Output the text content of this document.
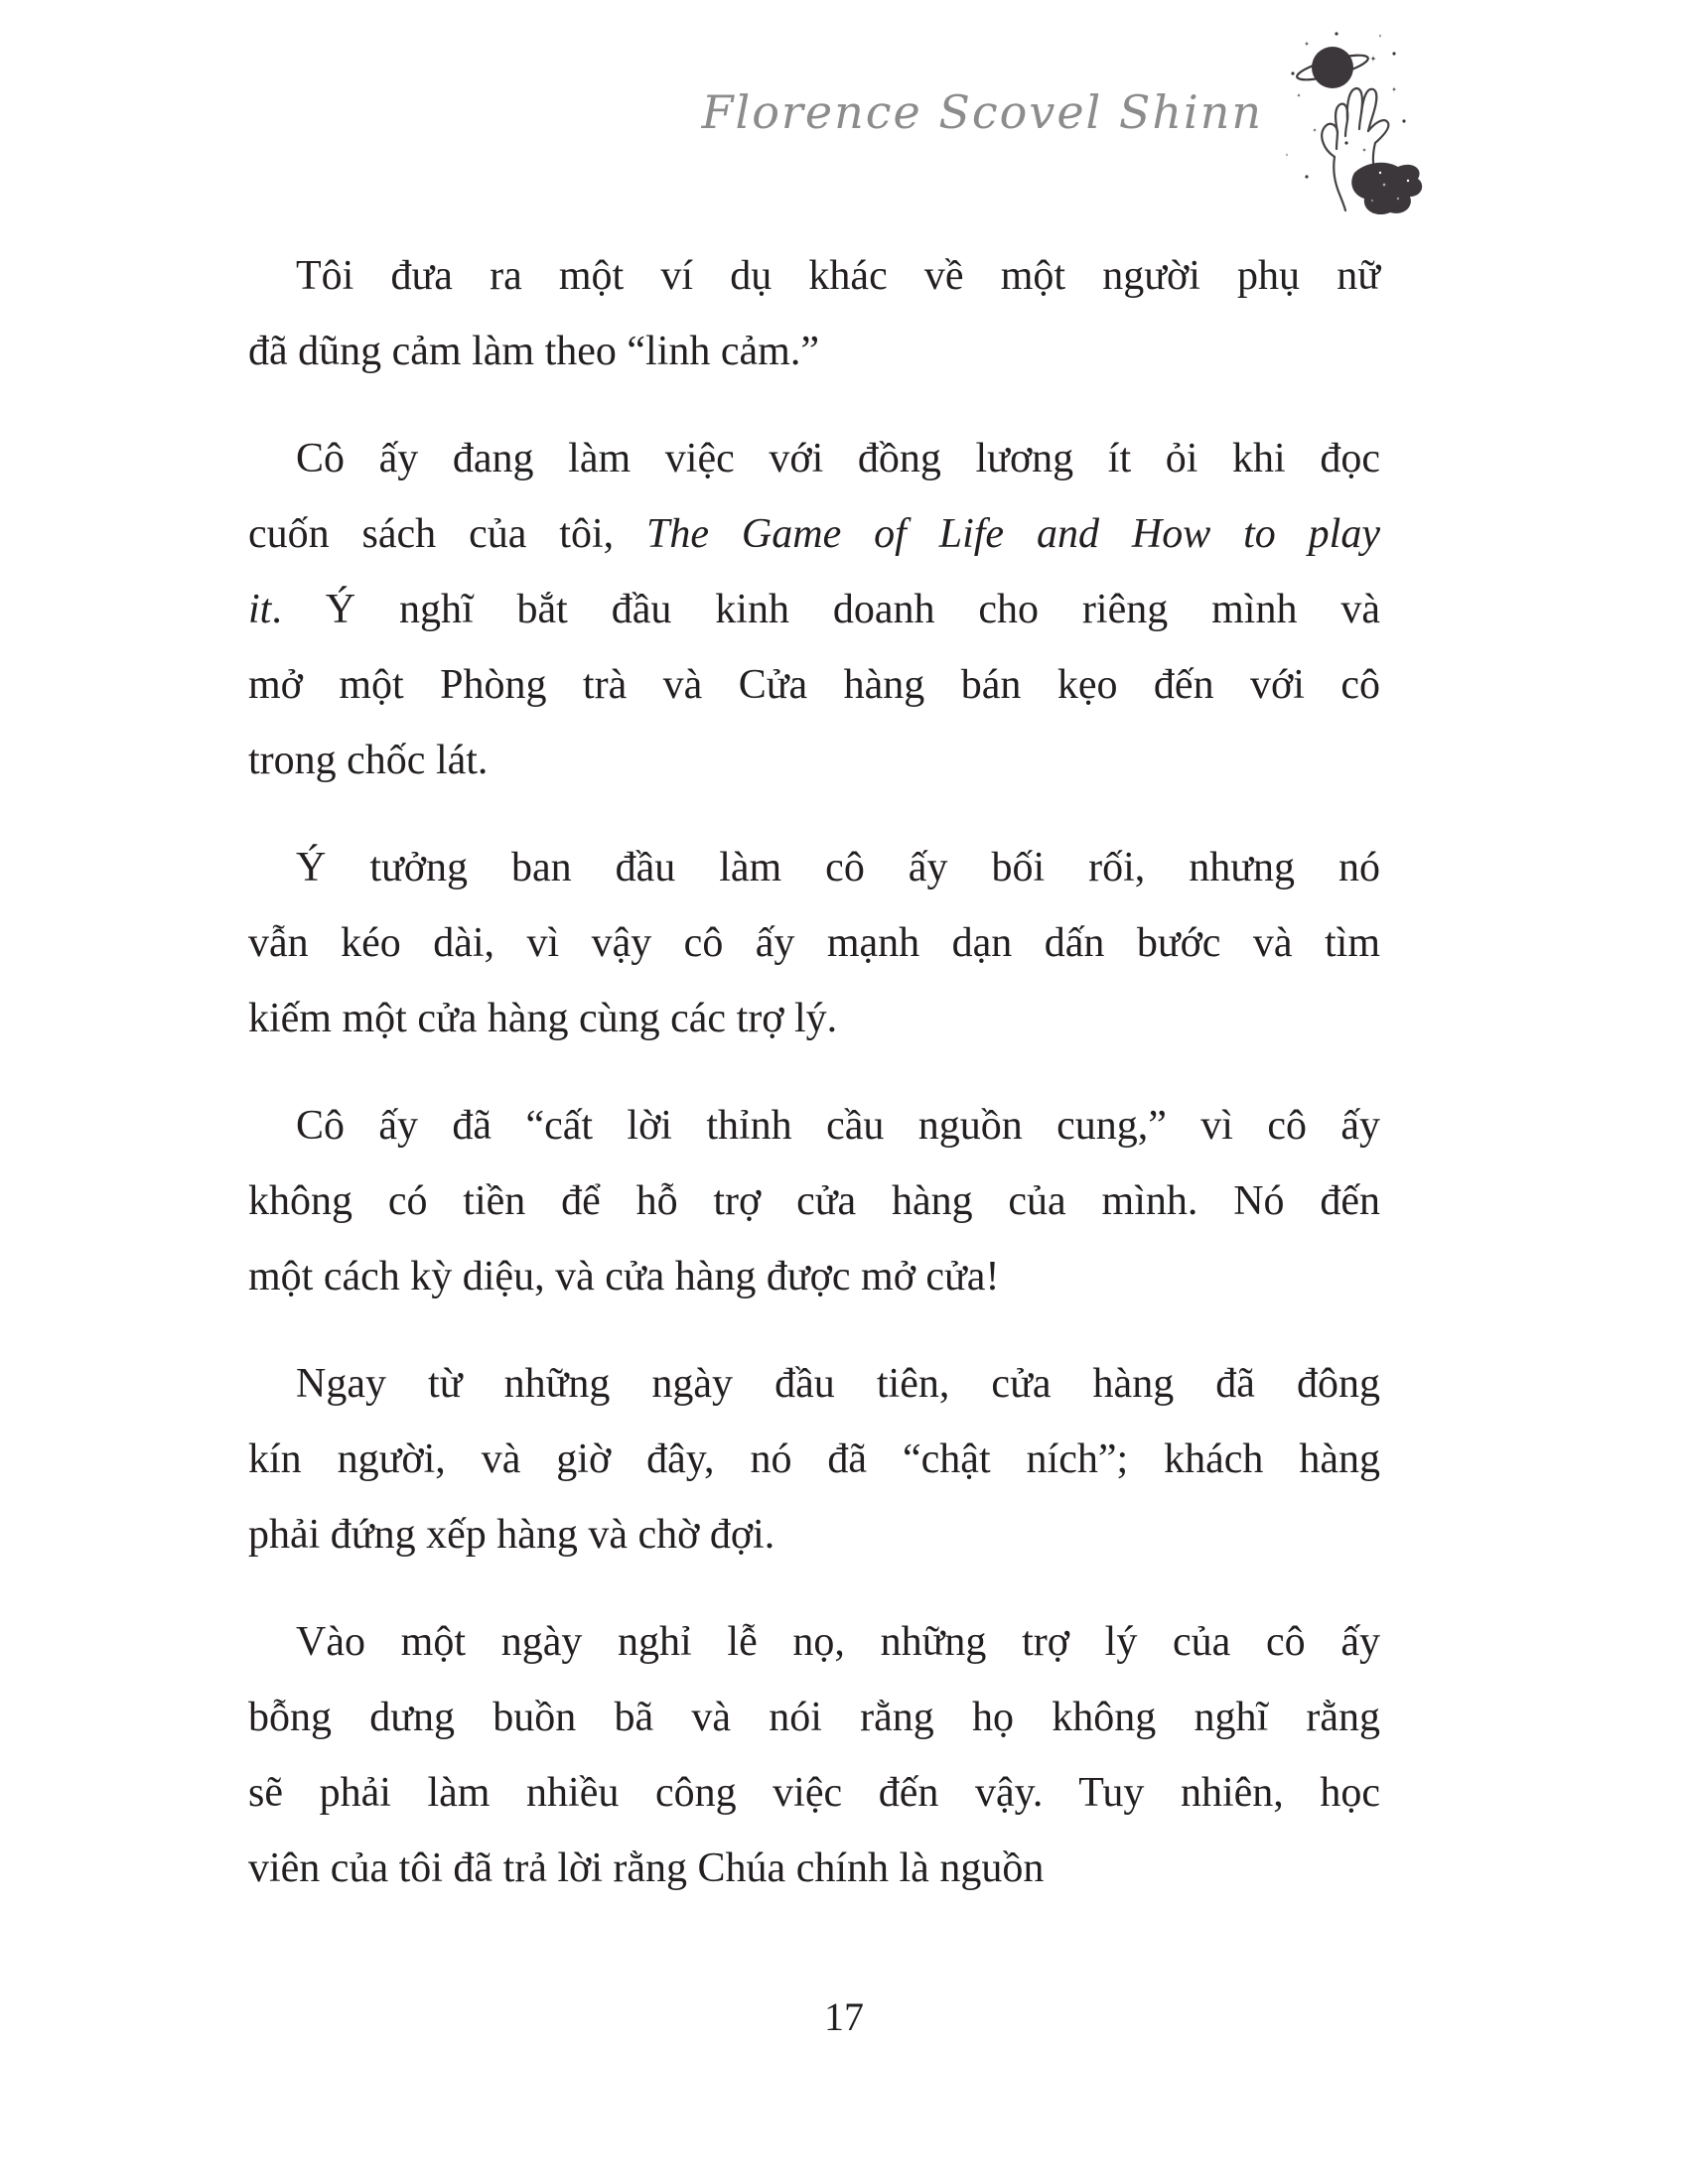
Florence Scovel Shinn
Tôi đưa ra một ví dụ khác về một người phụ nữ
đã dũng cảm làm theo “linh cảm.”
Cô ấy đang làm việc với đồng lương ít ỏi khi đọc
cuốn sách của tôi, The Game of Life and How to play
it. Ý nghĩ bắt đầu kinh doanh cho riêng mình và
mở một Phòng trà và Cửa hàng bán kẹo đến với cô
trong chốc lát.
Ý tưởng ban đầu làm cô ấy bối rối, nhưng nó
vẫn kéo dài, vì vậy cô ấy mạnh dạn dấn bước và tìm
kiếm một cửa hàng cùng các trợ lý.
Cô ấy đã “cất lời thỉnh cầu nguồn cung,” vì cô ấy
không có tiền để hỗ trợ cửa hàng của mình. Nó đến
một cách kỳ diệu, và cửa hàng được mở cửa!
Ngay từ những ngày đầu tiên, cửa hàng đã đông
kín người, và giờ đây, nó đã “chật ních”; khách hàng
phải đứng xếp hàng và chờ đợi.
Vào một ngày nghỉ lễ nọ, những trợ lý của cô ấy
bỗng dưng buồn bã và nói rằng họ không nghĩ rằng
sẽ phải làm nhiều công việc đến vậy. Tuy nhiên, học
viên của tôi đã trả lời rằng Chúa chính là nguồn
17
